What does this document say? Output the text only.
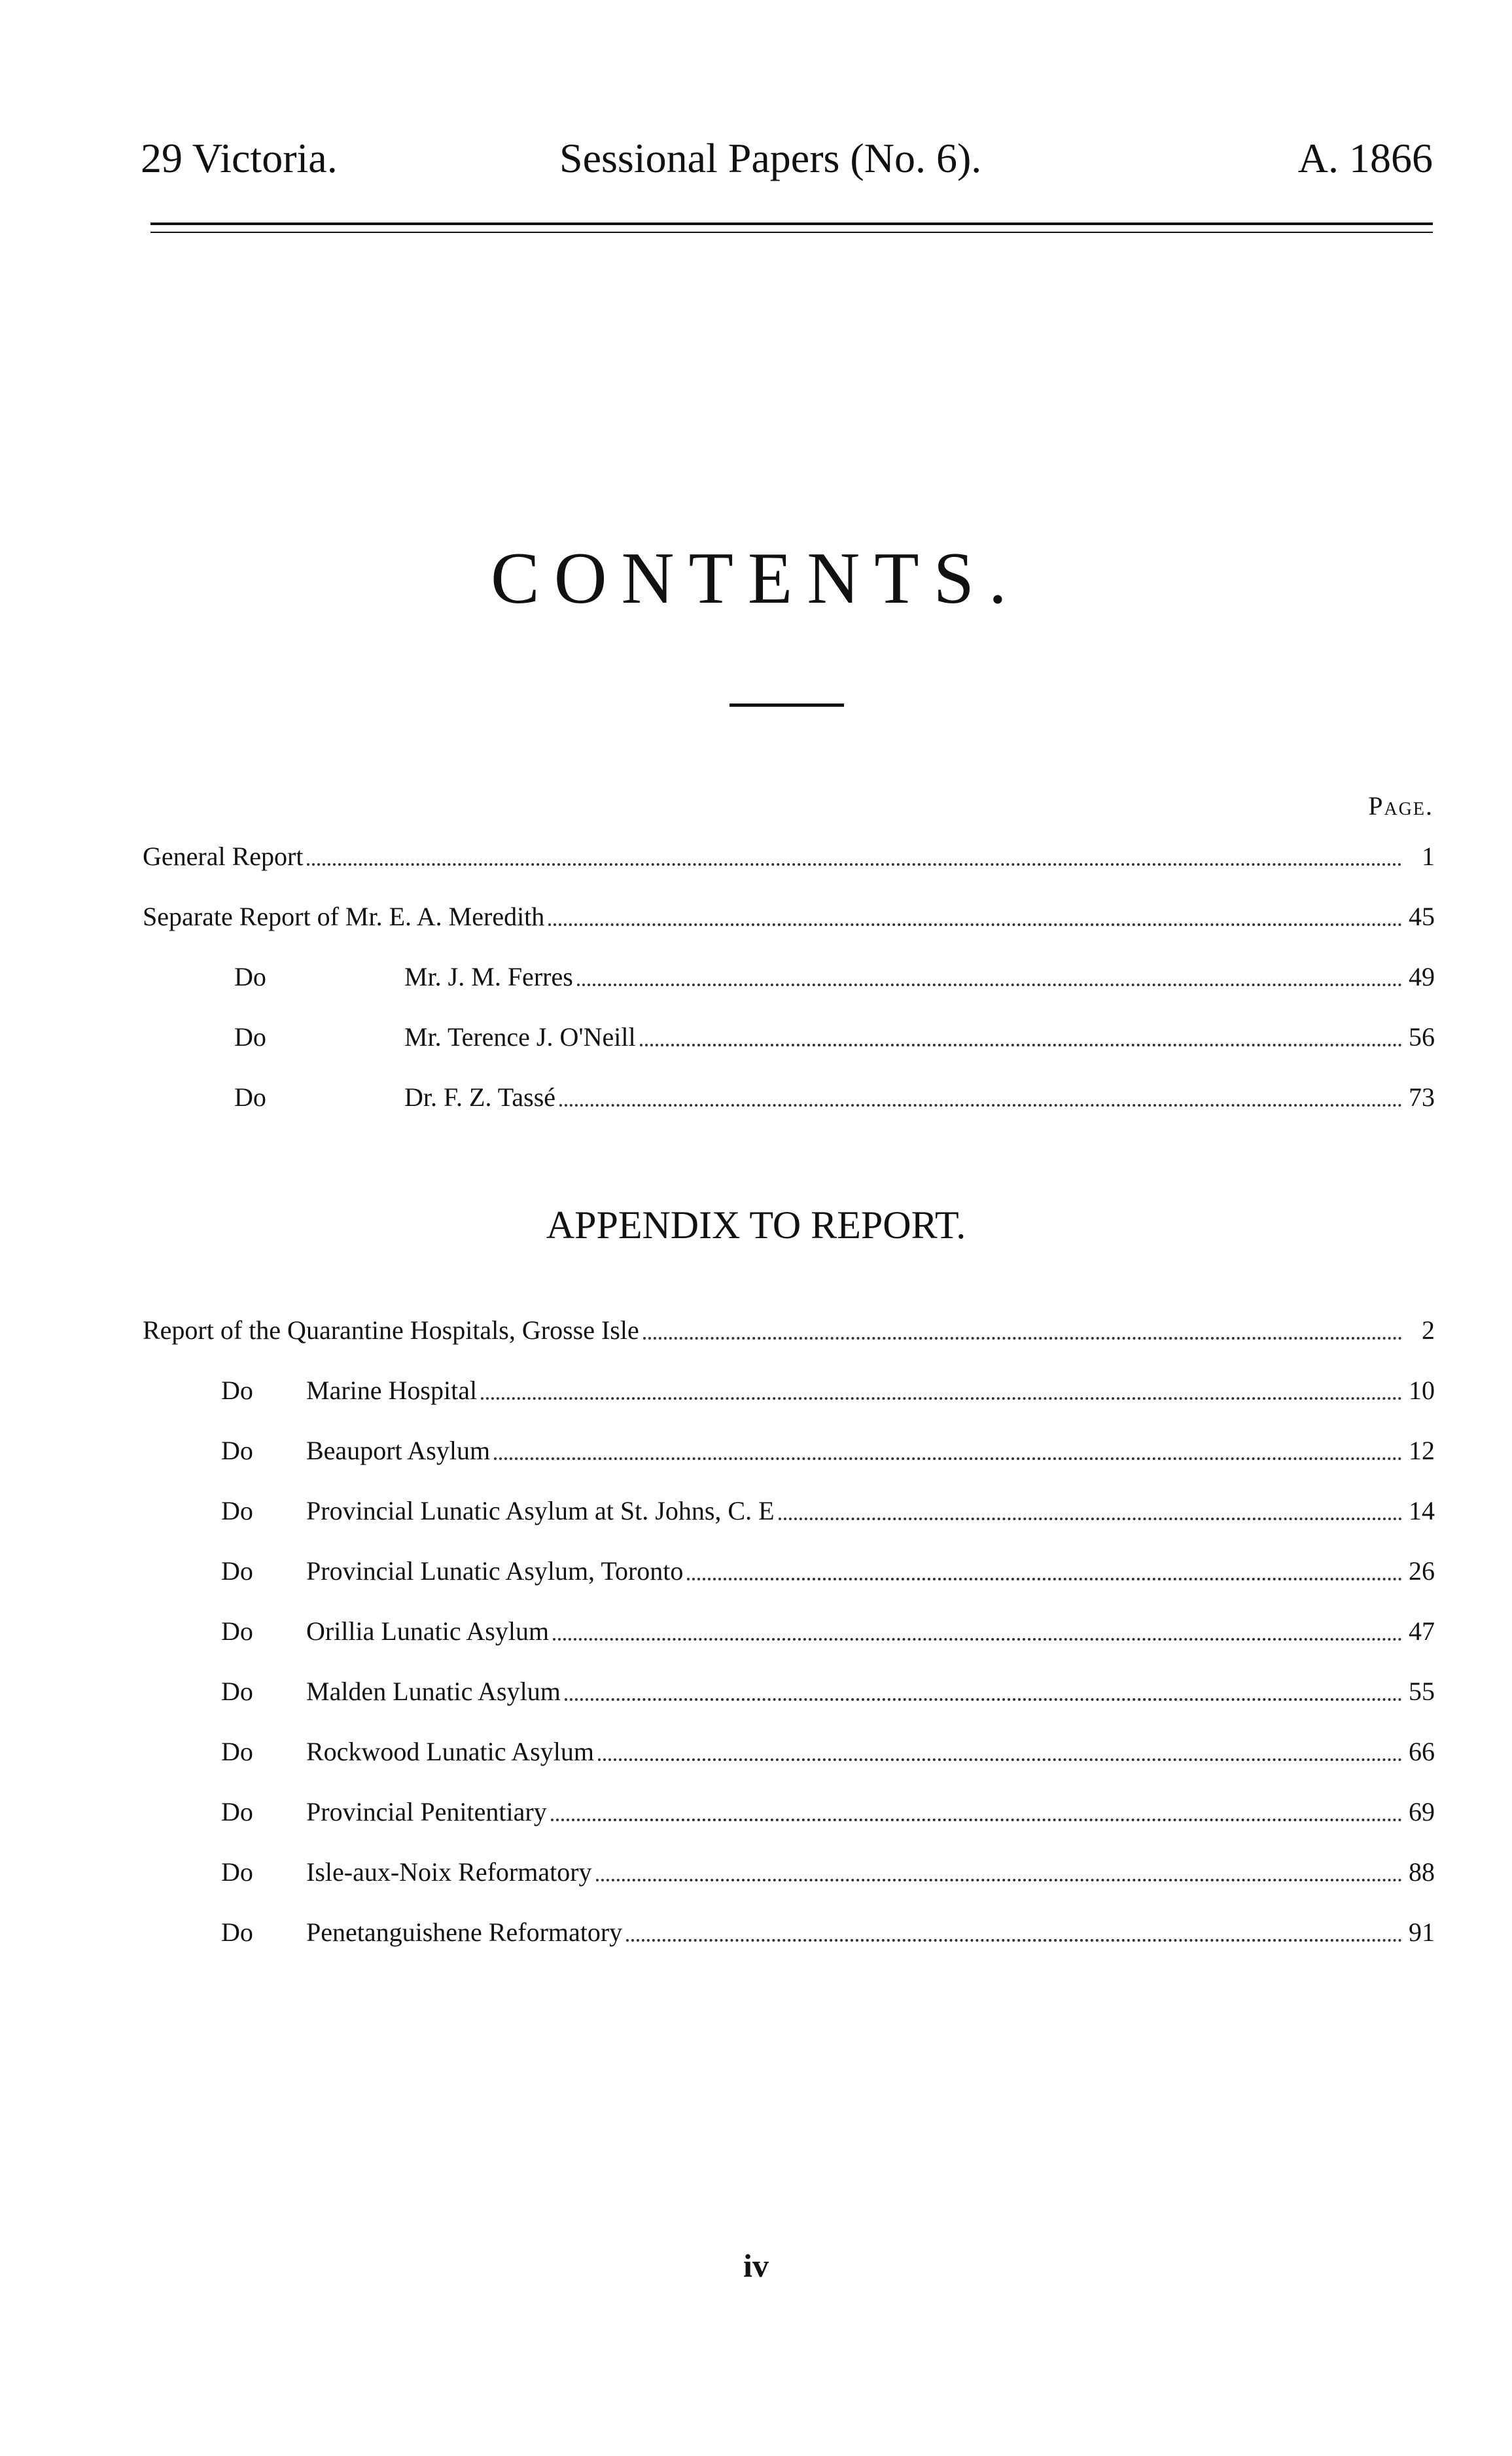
29 Victoria.	Sessional Papers (No. 6).	A. 1866
CONTENTS.
Page.
General Report	1
Separate Report of Mr. E. A. Meredith	45
Do	Mr. J. M. Ferres	49
Do	Mr. Terence J. O'Neill	56
Do	Dr. F. Z. Tassé	73
APPENDIX TO REPORT.
Report of the Quarantine Hospitals, Grosse Isle	2
Do	Marine Hospital	10
Do	Beauport Asylum	12
Do	Provincial Lunatic Asylum at St. Johns, C. E	14
Do	Provincial Lunatic Asylum, Toronto	26
Do	Orillia Lunatic Asylum	47
Do	Malden Lunatic Asylum	55
Do	Rockwood Lunatic Asylum	66
Do	Provincial Penitentiary	69
Do	Isle-aux-Noix Reformatory	88
Do	Penetanguishene Reformatory	91
iv
